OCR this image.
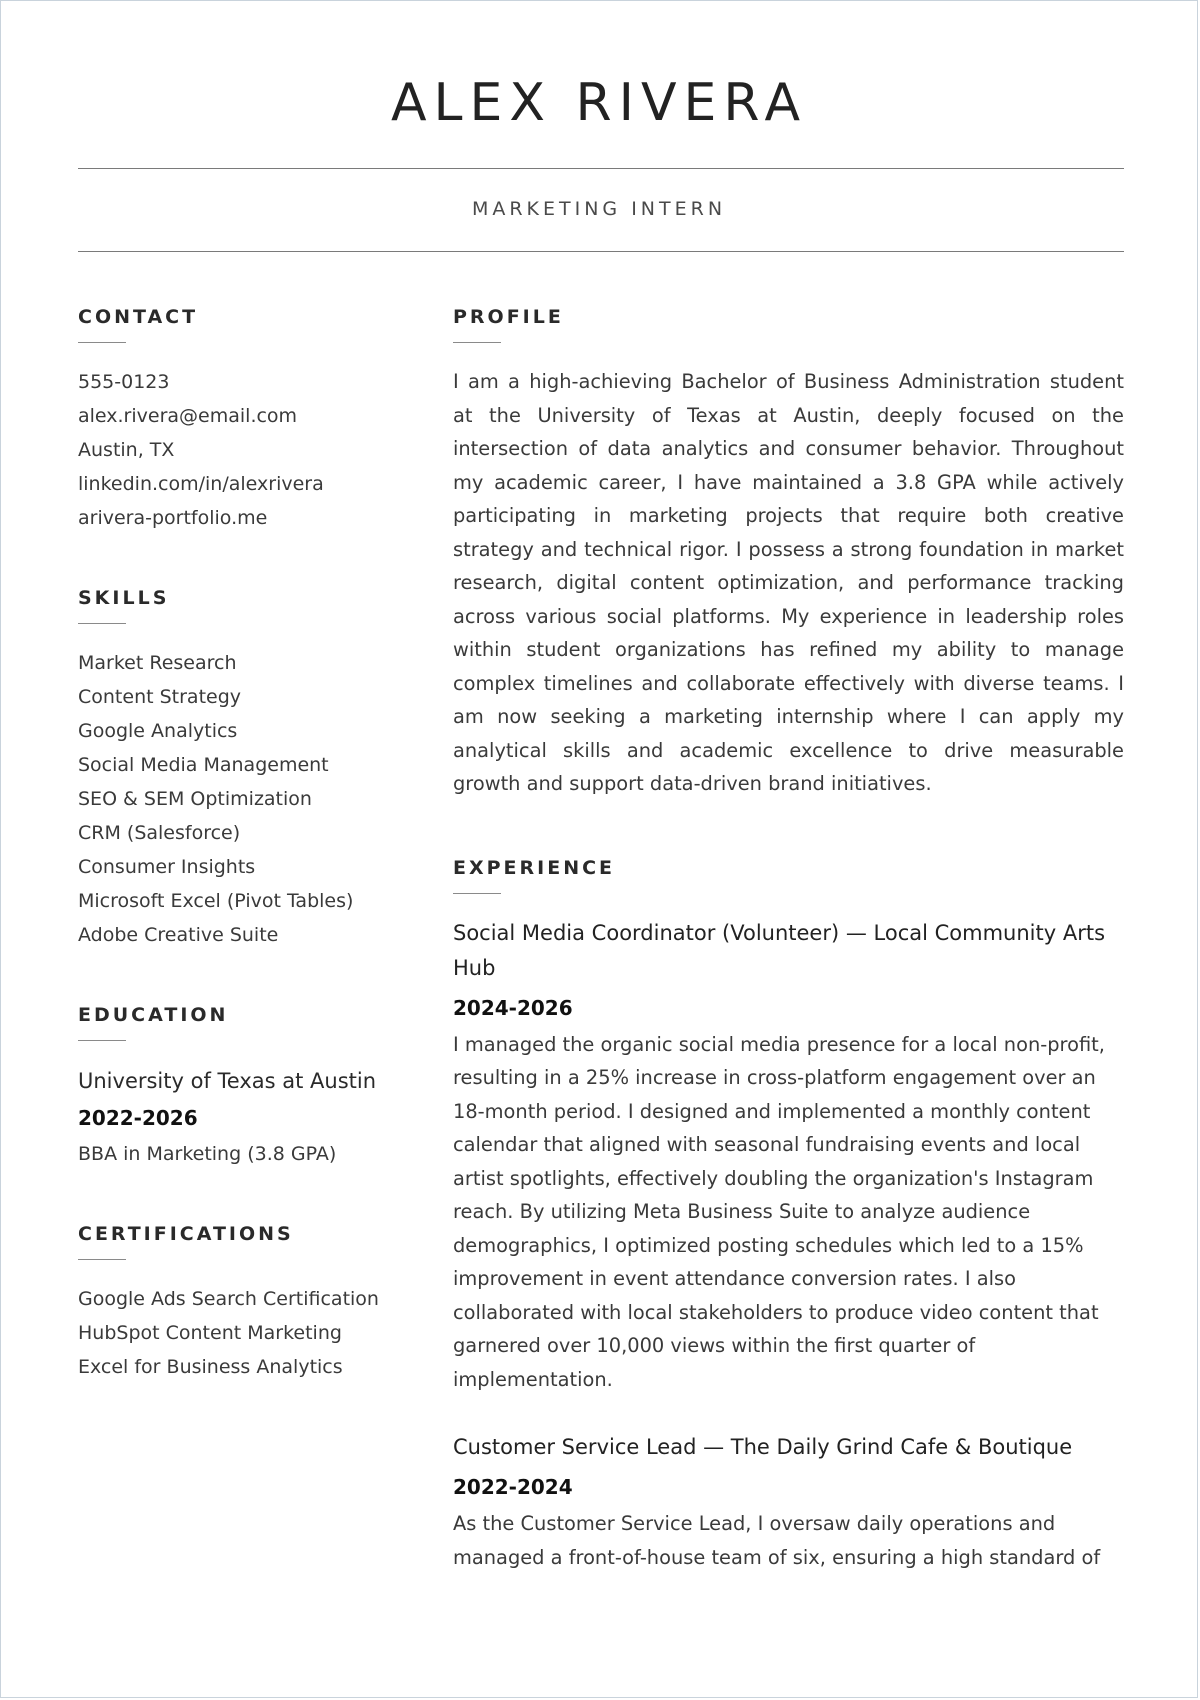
ALEX RIVERA
MARKETING INTERN
CONTACT
555-0123
alex.rivera@email.com
Austin, TX
linkedin.com/in/alexrivera
arivera-portfolio.me
SKILLS
Market Research
Content Strategy
Google Analytics
Social Media Management
SEO & SEM Optimization
CRM (Salesforce)
Consumer Insights
Microsoft Excel (Pivot Tables)
Adobe Creative Suite
EDUCATION
University of Texas at Austin
2022-2026
BBA in Marketing (3.8 GPA)
CERTIFICATIONS
Google Ads Search Certification
HubSpot Content Marketing
Excel for Business Analytics
PROFILE

I am a high-achieving Bachelor of Business Administration student at the University of Texas at Austin, deeply focused on the intersection of data analytics and consumer behavior. Throughout my academic career, I have maintained a 3.8 GPA while actively participating in marketing projects that require both creative strategy and technical rigor. I possess a strong foundation in market research, digital content optimization, and performance tracking across various social platforms. My experience in leadership roles within student organizations has refined my ability to manage complex timelines and collaborate effectively with diverse teams. I am now seeking a marketing internship where I can apply my analytical skills and academic excellence to drive measurable growth and support data-driven brand initiatives.

EXPERIENCE
Social Media Coordinator (Volunteer) — Local Community Arts Hub
2024-2026

I managed the organic social media presence for a local non-profit, resulting in a 25% increase in cross-platform engagement over an 18-month period. I designed and implemented a monthly content calendar that aligned with seasonal fundraising events and local artist spotlights, effectively doubling the organization's Instagram reach. By utilizing Meta Business Suite to analyze audience demographics, I optimized posting schedules which led to a 15% improvement in event attendance conversion rates. I also collaborated with local stakeholders to produce video content that garnered over 10,000 views within the first quarter of implementation.

Customer Service Lead — The Daily Grind Cafe & Boutique
2022-2024

As the Customer Service Lead, I oversaw daily operations and managed a front-of-house team of six, ensuring a high standard of
